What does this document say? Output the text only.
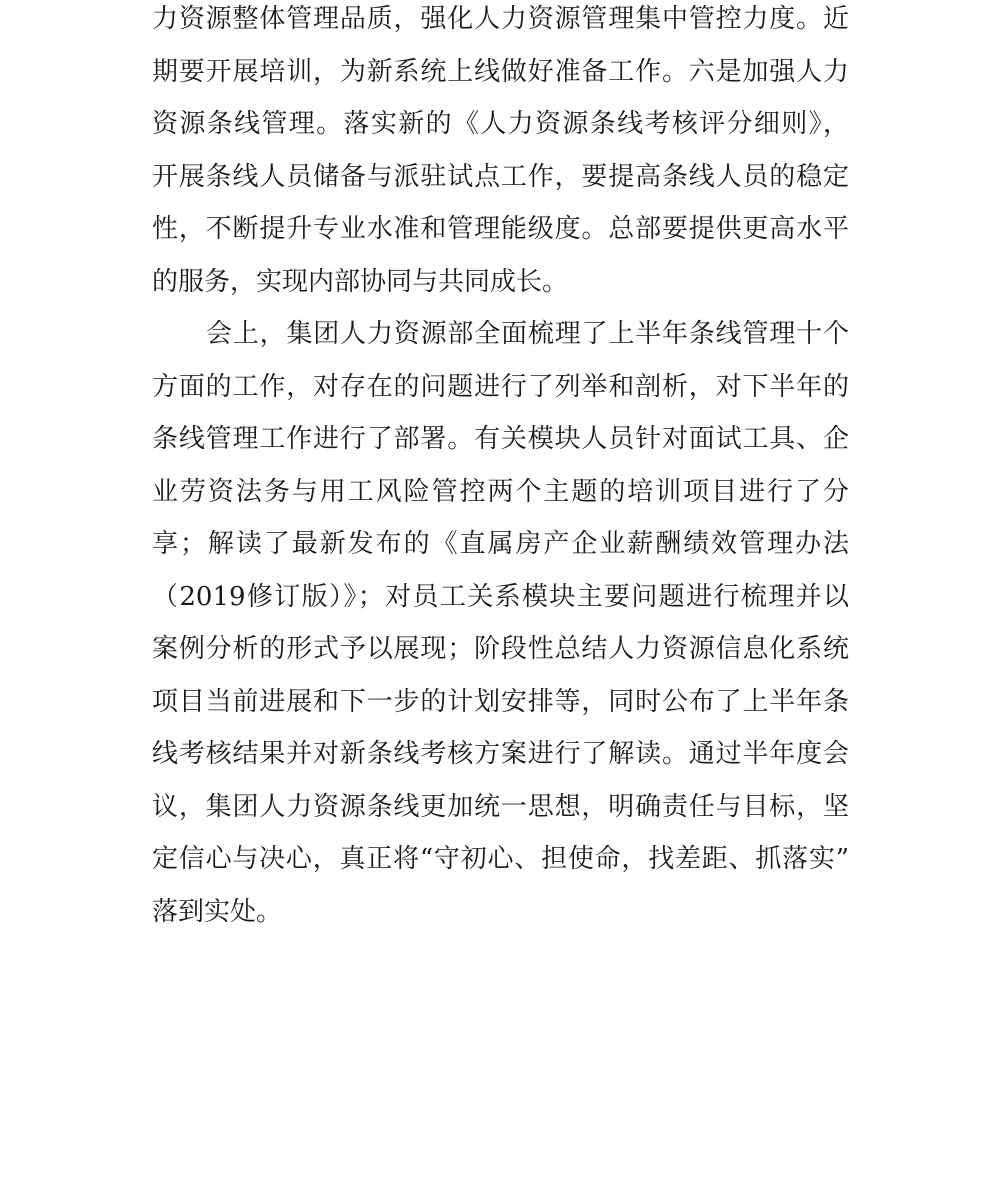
力资源整体管理品质，强化人力资源管理集中管控力度。近
期要开展培训，为新系统上线做好准备工作。六是加强人力
资源条线管理。落实新的《人力资源条线考核评分细则》，
开展条线人员储备与派驻试点工作，要提高条线人员的稳定
性，不断提升专业水准和管理能级度。总部要提供更高水平
的服务，实现内部协同与共同成长。
会上，集团人力资源部全面梳理了上半年条线管理十个
方面的工作，对存在的问题进行了列举和剖析，对下半年的
条线管理工作进行了部署。有关模块人员针对面试工具、企
业劳资法务与用工风险管控两个主题的培训项目进行了分
享；解读了最新发布的《直属房产企业薪酬绩效管理办法
（2019修订版）》；对员工关系模块主要问题进行梳理并以
案例分析的形式予以展现；阶段性总结人力资源信息化系统
项目当前进展和下一步的计划安排等，同时公布了上半年条
线考核结果并对新条线考核方案进行了解读。通过半年度会
议，集团人力资源条线更加统一思想，明确责任与目标，坚
定信心与决心，真正将“守初心、担使命，找差距、抓落实”
落到实处。
